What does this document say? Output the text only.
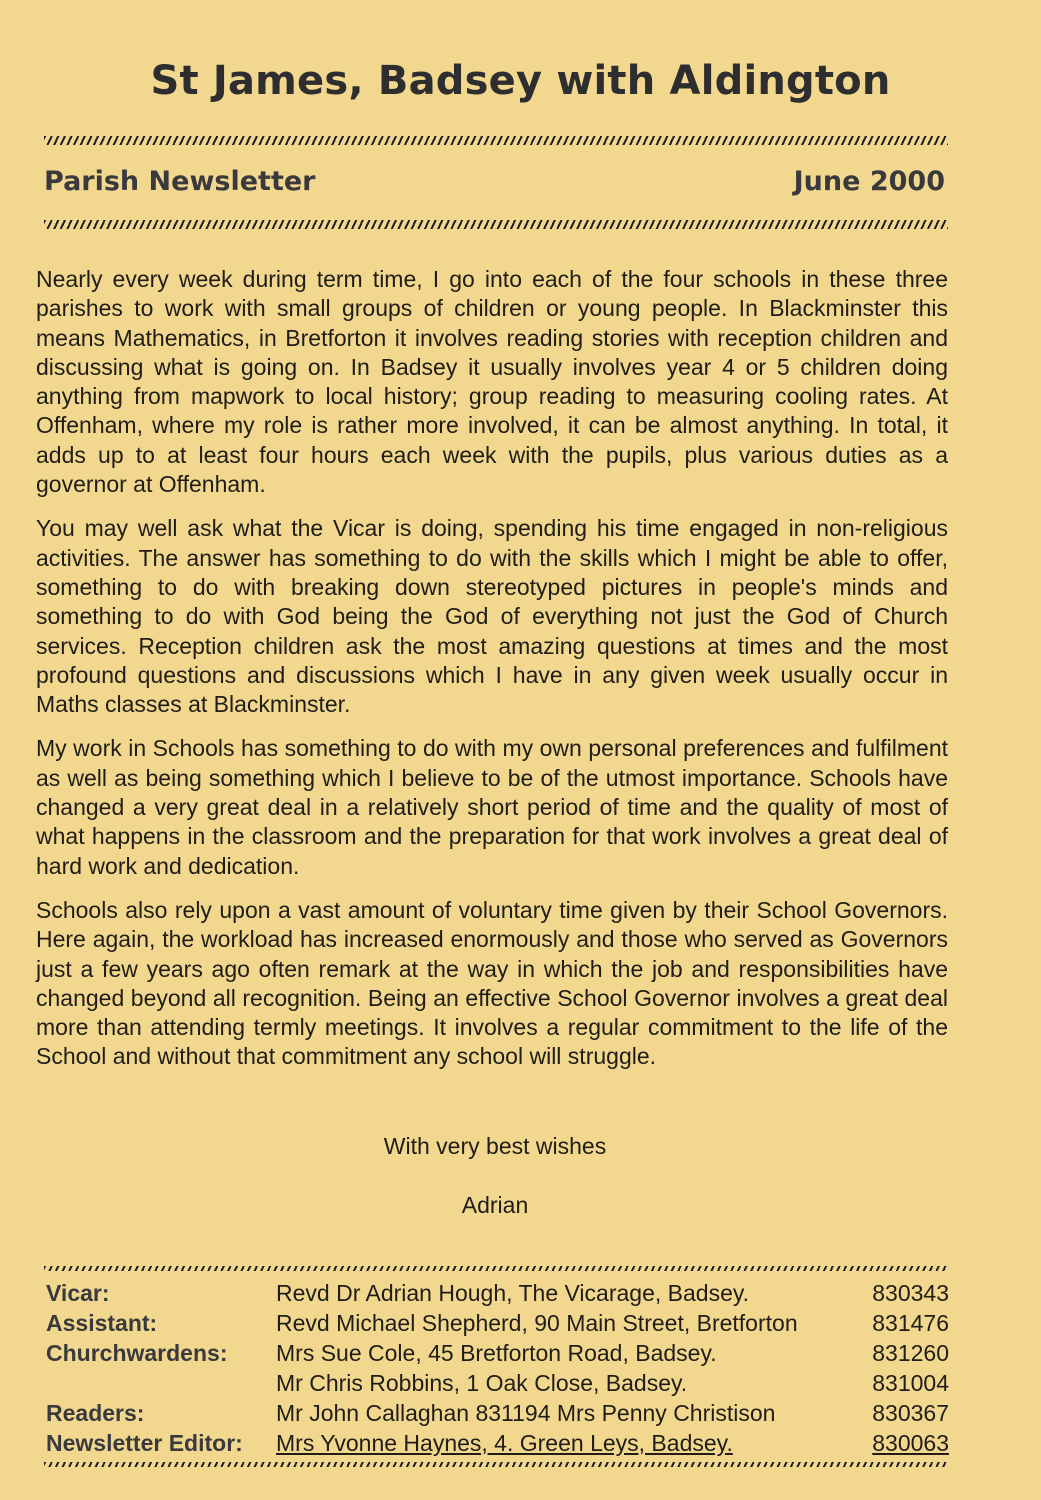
St James, Badsey with Aldington
Parish Newsletter	June 2000

Nearly every week during term time, I go into each of the four schools in these three parishes to work with small groups of children or young people. In Blackminster this means Mathematics, in Bretforton it involves reading stories with reception children and discussing what is going on. In Badsey it usually involves year 4 or 5 children doing anything from mapwork to local history; group reading to measuring cooling rates. At Offenham, where my role is rather more involved, it can be almost anything. In total, it adds up to at least four hours each week with the pupils, plus various duties as a governor at Offenham.

You may well ask what the Vicar is doing, spending his time engaged in non-religious activities. The answer has something to do with the skills which I might be able to offer, something to do with breaking down stereotyped pictures in people's minds and something to do with God being the God of everything not just the God of Church services. Reception children ask the most amazing questions at times and the most profound questions and discussions which I have in any given week usually occur in Maths classes at Blackminster.

My work in Schools has something to do with my own personal preferences and fulfilment as well as being something which I believe to be of the utmost importance. Schools have changed a very great deal in a relatively short period of time and the quality of most of what happens in the classroom and the preparation for that work involves a great deal of hard work and dedication.

Schools also rely upon a vast amount of voluntary time given by their School Governors. Here again, the workload has increased enormously and those who served as Governors just a few years ago often remark at the way in which the job and responsibilities have changed beyond all recognition. Being an effective School Governor involves a great deal more than attending termly meetings. It involves a regular commitment to the life of the School and without that commitment any school will struggle.

With very best wishes
Adrian
Vicar:	Revd Dr Adrian Hough, The Vicarage, Badsey.	830343
Assistant:	Revd Michael Shepherd, 90 Main Street, Bretforton	831476
Churchwardens:	Mrs Sue Cole, 45 Bretforton Road, Badsey.	831260
	Mr Chris Robbins, 1 Oak Close, Badsey.	831004
Readers:	Mr John Callaghan 831194 Mrs Penny Christison	830367
Newsletter Editor:	Mrs Yvonne Haynes, 4. Green Leys, Badsey.	830063
